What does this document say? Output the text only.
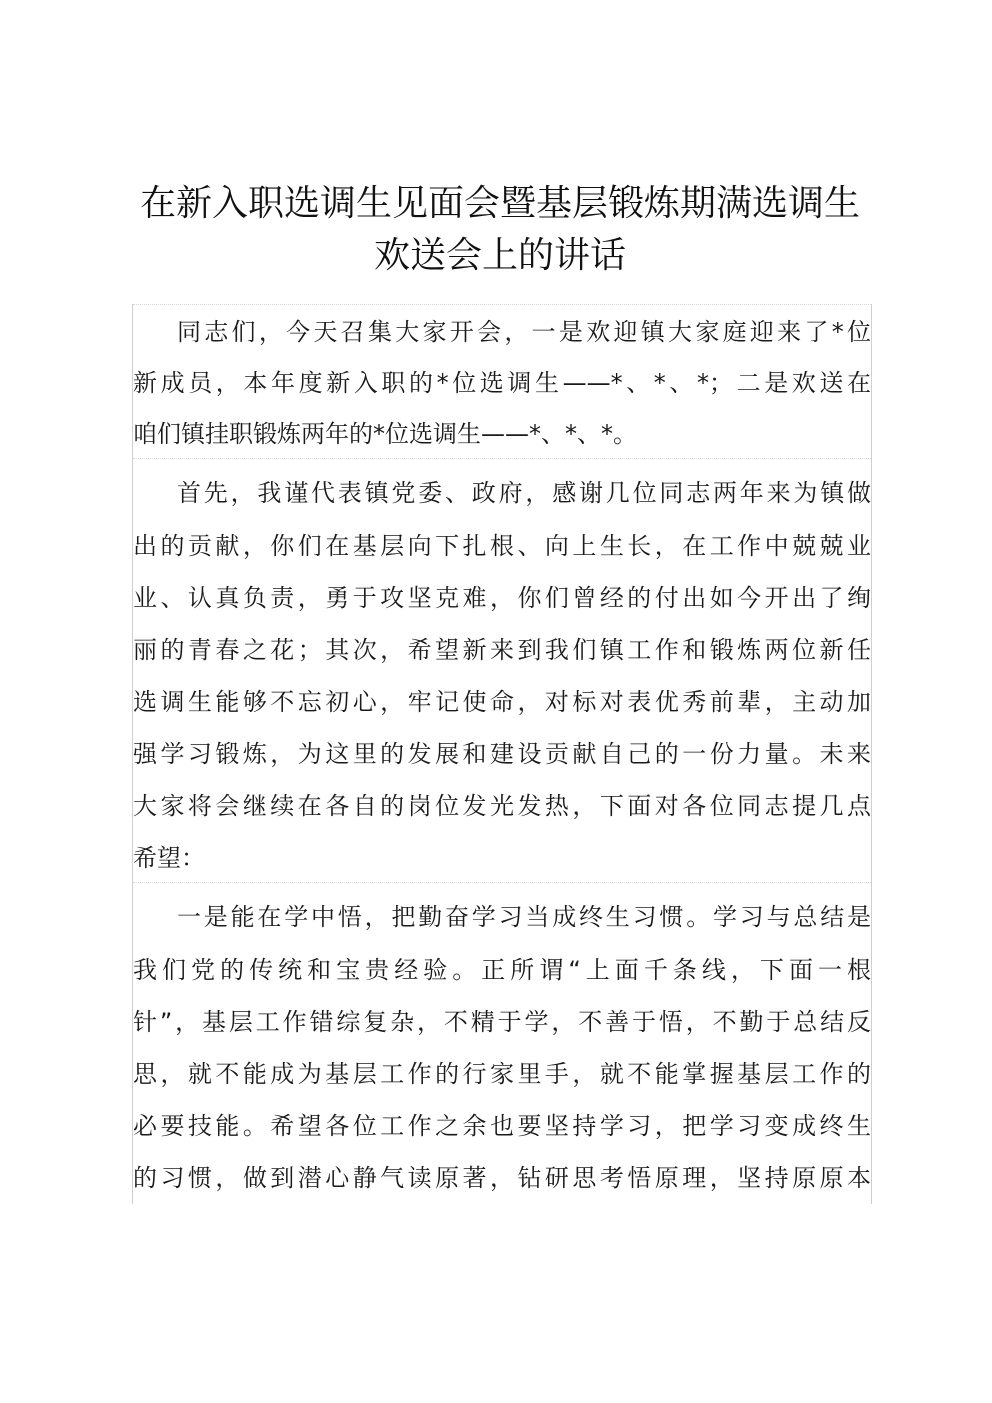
在新入职选调生见面会暨基层锻炼期满选调生
欢送会上的讲话
同志们，今天召集大家开会，一是欢迎镇大家庭迎来了*位
新成员，本年度新入职的*位选调生——*、*、*；二是欢送在
咱们镇挂职锻炼两年的*位选调生——*、*、*。
首先，我谨代表镇党委、政府，感谢几位同志两年来为镇做
出的贡献，你们在基层向下扎根、向上生长，在工作中兢兢业
业、认真负责，勇于攻坚克难，你们曾经的付出如今开出了绚
丽的青春之花；其次，希望新来到我们镇工作和锻炼两位新任
选调生能够不忘初心，牢记使命，对标对表优秀前辈，主动加
强学习锻炼，为这里的发展和建设贡献自己的一份力量。未来
大家将会继续在各自的岗位发光发热，下面对各位同志提几点
希望：
一是能在学中悟，把勤奋学习当成终生习惯。学习与总结是
我们党的传统和宝贵经验。正所谓“上面千条线，下面一根
针”，基层工作错综复杂，不精于学，不善于悟，不勤于总结反
思，就不能成为基层工作的行家里手，就不能掌握基层工作的
必要技能。希望各位工作之余也要坚持学习，把学习变成终生
的习惯，做到潜心静气读原著，钻研思考悟原理，坚持原原本
